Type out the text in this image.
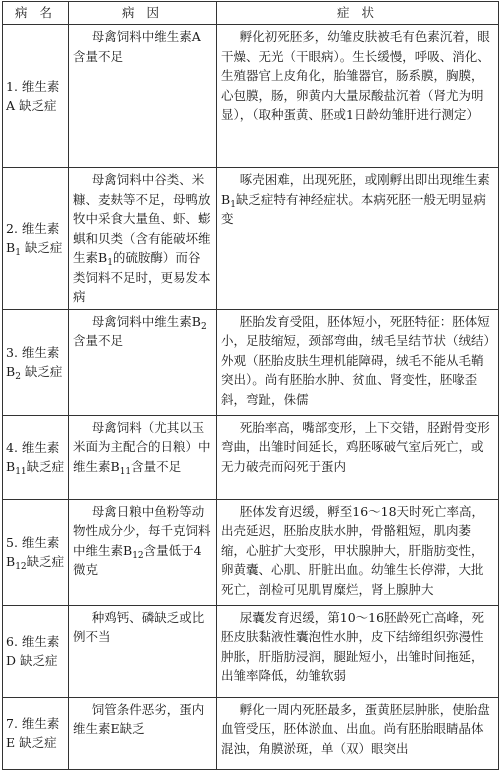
病 名	病 因	症 状
1. 维生素
A 缺乏症	母禽饲料中维生素A含量不足	孵化初死胚多，幼雏皮肤被毛有色素沉着，眼干燥、无光（干眼病）。生长缓慢，呼吸、消化、生殖器官上皮角化，胎雏器官，肠系膜，胸膜，心包膜，肠，卵黄内大量尿酸盐沉着（肾尤为明显），（取种蛋黄、胚或1日龄幼雏肝进行测定）
2. 维生素
$B_1$ 缺乏症	母禽饲料中谷类、米糠、麦麸等不足，母鸭放牧中采食大量鱼、虾、蟛蜞和贝类（含有能破坏维生素$B_1$的硫胺酶）而谷类饲料不足时，更易发本病	啄壳困难，出现死胚，或刚孵出即出现维生素$B_1$缺乏症特有神经症状。本病死胚一般无明显病变
3. 维生素
$B_2$ 缺乏症	母禽饲料中维生素$B_2$含量不足	胚胎发育受阻，胚体短小，死胚特征：胚体短小，足肢缩短，颈部弯曲，绒毛呈结节状（绒结）外观（胚胎皮肤生理机能障碍，绒毛不能从毛鞘突出）。尚有胚胎水肿、贫血、肾变性，胚喙歪斜，弯趾，侏儒
4. 维生素
$B_{11}$缺乏症	母禽饲料（尤其以玉米面为主配合的日粮）中维生素$B_{11}$含量不足	死胎率高，嘴部变形，上下交错，胫跗骨变形弯曲，出雏时间延长，鸡胚啄破气室后死亡，或无力破壳而闷死于蛋内
5. 维生素
$B_{12}$缺乏症	母禽日粮中鱼粉等动物性成分少，每千克饲料中维生素$B_{12}$含量低于4微克	胚体发育迟缓，孵至16～18天时死亡率高，出壳延迟，胚胎皮肤水肿，骨骼粗短，肌肉萎缩，心脏扩大变形，甲状腺肿大，肝脂肪变性，卵黄囊、心肌、肝脏出血。幼雏生长停滞，大批死亡，剖检可见肌胃糜烂，肾上腺肿大
6. 维生素
D 缺乏症	种鸡钙、磷缺乏或比例不当	尿囊发育迟缓，第10～16胚龄死亡高峰，死胚皮肤黏液性囊泡性水肿，皮下结缔组织弥漫性肿胀，肝脂肪浸润，腿趾短小，出雏时间拖延，出雏率降低，幼雏软弱
7. 维生素
E 缺乏症	饲管条件恶劣，蛋内维生素E缺乏	孵化一周内死胚最多，蛋黄胚层肿胀，使胎盘血管受压，胚体淤血、出血。尚有胚胎眼睛晶体混浊，角膜淤斑，单（双）眼突出
